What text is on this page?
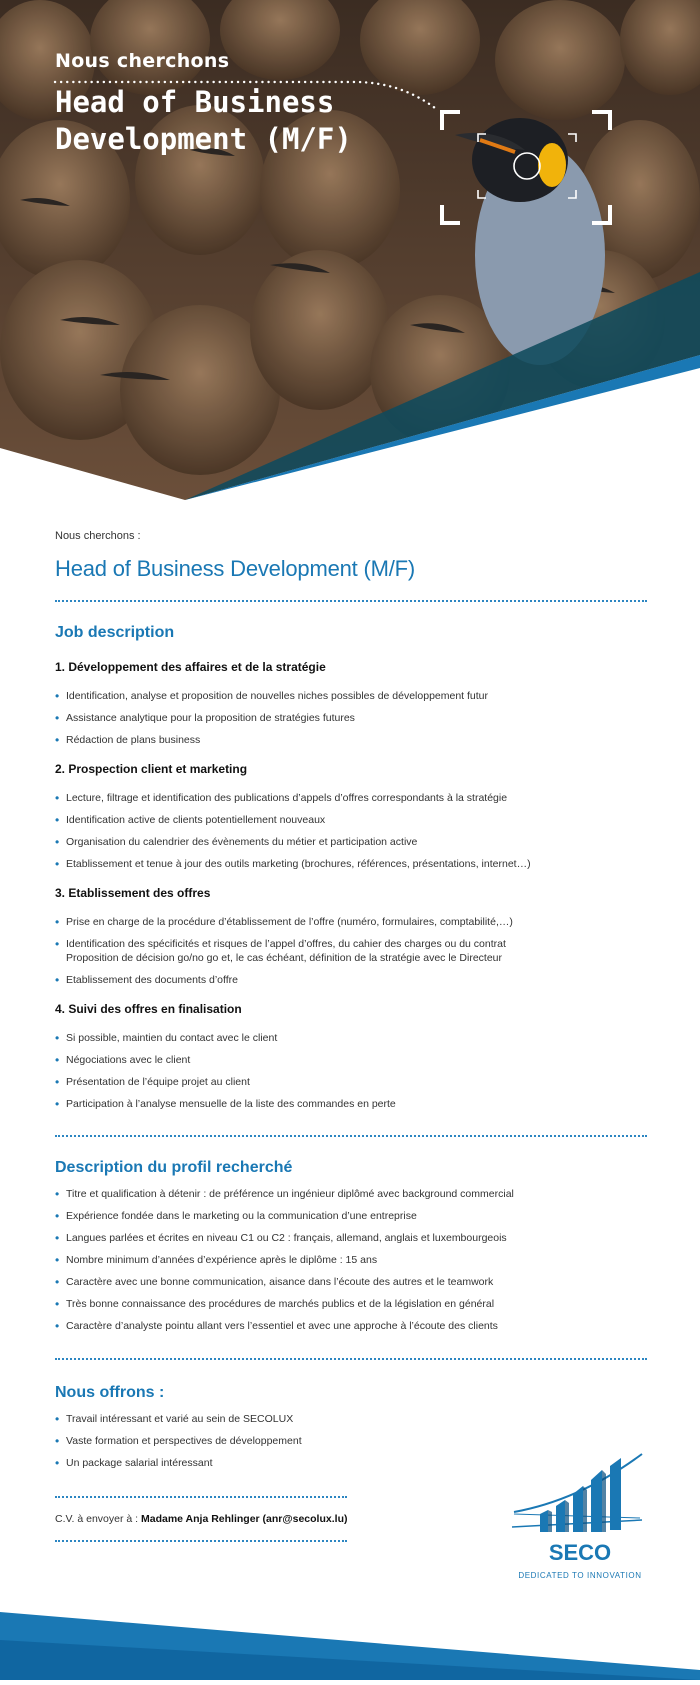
Nous cherchons
Head of Business Development (M/F)
Nous cherchons :
Head of Business Development (M/F)
Job description
1. Développement des affaires et de la stratégie
• Identification, analyse et proposition de nouvelles niches possibles de développement futur
• Assistance analytique pour la proposition de stratégies futures
• Rédaction de plans business
2. Prospection client et marketing
• Lecture, filtrage et identification des publications d’appels d’offres correspondants à la stratégie
• Identification active de clients potentiellement nouveaux
• Organisation du calendrier des évènements du métier et participation active
• Etablissement et tenue à jour des outils marketing (brochures, références, présentations, internet…)
3. Etablissement des offres
• Prise en charge de la procédure d’établissement de l’offre (numéro, formulaires, comptabilité,…)
• Identification des spécificités et risques de l’appel d’offres, du cahier des charges ou du contrat Proposition de décision go/no go et, le cas échéant, définition de la stratégie avec le Directeur
• Etablissement des documents d’offre
4. Suivi des offres en finalisation
• Si possible, maintien du contact avec le client
• Négociations avec le client
• Présentation de l’équipe projet au client
• Participation à l’analyse mensuelle de la liste des commandes en perte
Description du profil recherché
• Titre et qualification à détenir : de préférence un ingénieur diplômé avec background commercial
• Expérience fondée dans le marketing ou la communication d’une entreprise
• Langues parlées et écrites en niveau C1 ou C2 : français, allemand, anglais et luxembourgeois
• Nombre minimum d’années d’expérience après le diplôme : 15 ans
• Caractère avec une bonne communication, aisance dans l’écoute des autres et le teamwork
• Très bonne connaissance des procédures de marchés publics et de la législation en général
• Caractère d’analyste pointu allant vers l’essentiel et avec une approche à l’écoute des clients
Nous offrons :
• Travail intéressant et varié au sein de SECOLUX
• Vaste formation et perspectives de développement
• Un package salarial intéressant
C.V. à envoyer à : Madame Anja Rehlinger (anr@secolux.lu)
SECO
DEDICATED TO INNOVATION
